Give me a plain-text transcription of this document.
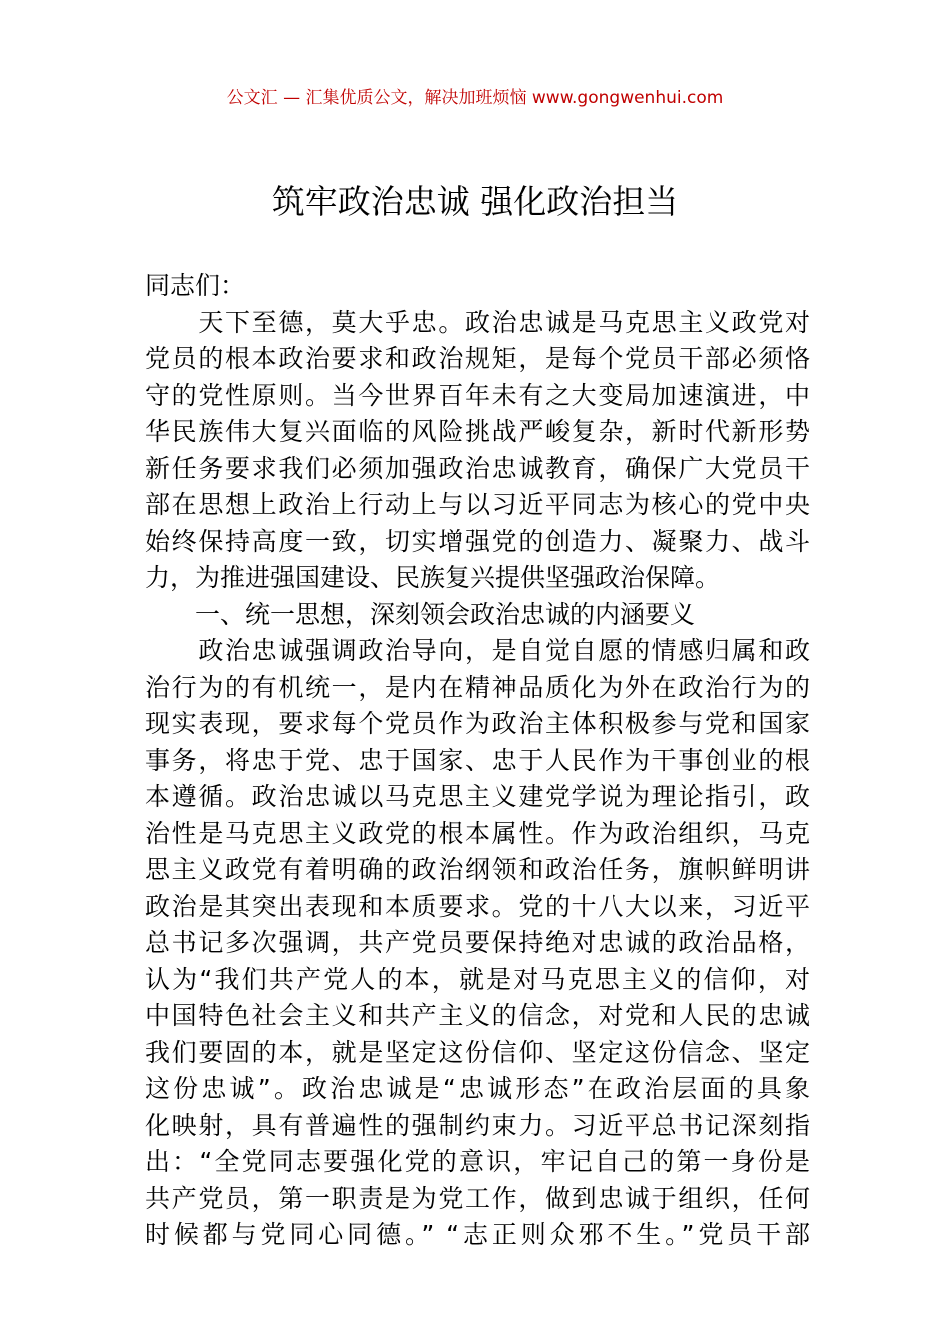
公文汇 — 汇集优质公文，解决加班烦恼 www.gongwenhui.com
筑牢政治忠诚 强化政治担当
同志们：
　　天下至德，莫大乎忠。政治忠诚是马克思主义政党对
党员的根本政治要求和政治规矩，是每个党员干部必须恪
守的党性原则。当今世界百年未有之大变局加速演进，中
华民族伟大复兴面临的风险挑战严峻复杂，新时代新形势
新任务要求我们必须加强政治忠诚教育，确保广大党员干
部在思想上政治上行动上与以习近平同志为核心的党中央
始终保持高度一致，切实增强党的创造力、凝聚力、战斗
力，为推进强国建设、民族复兴提供坚强政治保障。
　　一、统一思想，深刻领会政治忠诚的内涵要义
　　政治忠诚强调政治导向，是自觉自愿的情感归属和政
治行为的有机统一，是内在精神品质化为外在政治行为的
现实表现，要求每个党员作为政治主体积极参与党和国家
事务，将忠于党、忠于国家、忠于人民作为干事创业的根
本遵循。政治忠诚以马克思主义建党学说为理论指引，政
治性是马克思主义政党的根本属性。作为政治组织，马克
思主义政党有着明确的政治纲领和政治任务，旗帜鲜明讲
政治是其突出表现和本质要求。党的十八大以来，习近平
总书记多次强调，共产党员要保持绝对忠诚的政治品格，
认为“我们共产党人的本，就是对马克思主义的信仰，对
中国特色社会主义和共产主义的信念，对党和人民的忠诚
我们要固的本，就是坚定这份信仰、坚定这份信念、坚定
这份忠诚”。政治忠诚是“忠诚形态”在政治层面的具象
化映射，具有普遍性的强制约束力。习近平总书记深刻指
出：“全党同志要强化党的意识，牢记自己的第一身份是
共产党员，第一职责是为党工作，做到忠诚于组织，任何
时候都与党同心同德。” “志正则众邪不生。”党员干部
